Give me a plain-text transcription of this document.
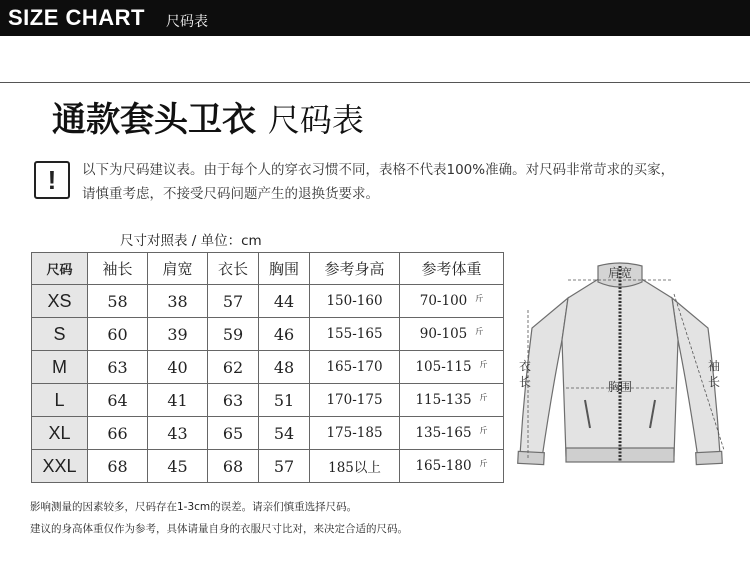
SIZE CHART 尺码表
通款套头卫衣 尺码表
!	以下为尺码建议表。由于每个人的穿衣习惯不同，表格不代表100%准确。对尺码非常苛求的买家，
请慎重考虑，不接受尺码问题产生的退换货要求。
尺寸对照表 / 单位：cm
尺码	袖长	肩宽	衣长	胸围	参考身高	参考体重
XS	58	38	57	44	150-160	70-100 $^斤$
S	60	39	59	46	155-165	90-105 $^斤$
M	63	40	62	48	165-170	105-115 $^斤$
L	64	41	63	51	170-175	115-135 $^斤$
XL	66	43	65	54	175-185	135-165 $^斤$
XXL	68	45	68	57	185以上	165-180 $^斤$
肩宽
胸围
衣
长
袖
长
影响测量的因素较多，尺码存在1-3cm的误差。请亲们慎重选择尺码。
建议的身高体重仅作为参考，具体请量自身的衣服尺寸比对，来决定合适的尺码。
